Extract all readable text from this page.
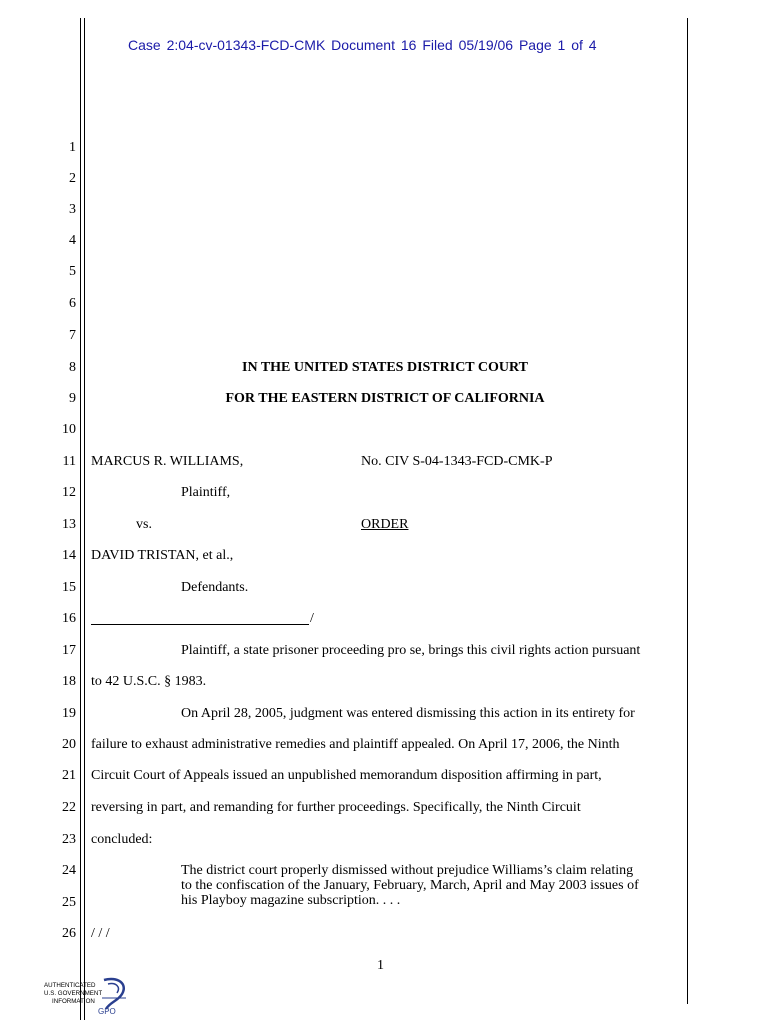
Case 2:04-cv-01343-FCD-CMK Document 16 Filed 05/19/06 Page 1 of 4
1
2
3
4
5
6
7
8
9
10
11
12
13
14
15
16
17
18
19
20
21
22
23
24
25
26
IN THE UNITED STATES DISTRICT COURT
FOR THE EASTERN DISTRICT OF CALIFORNIA
MARCUS R. WILLIAMS,	No. CIV S-04-1343-FCD-CMK-P
Plaintiff,
vs.	ORDER
DAVID TRISTAN, et al.,
Defendants.
/
Plaintiff, a state prisoner proceeding pro se, brings this civil rights action pursuant
to 42 U.S.C. § 1983.
On April 28, 2005, judgment was entered dismissing this action in its entirety for
failure to exhaust administrative remedies and plaintiff appealed. On April 17, 2006, the Ninth
Circuit Court of Appeals issued an unpublished memorandum disposition affirming in part,
reversing in part, and remanding for further proceedings. Specifically, the Ninth Circuit
concluded:
The district court properly dismissed without prejudice Williams’s claim relating to the confiscation of the January, February, March, April and May 2003 issues of his Playboy magazine subscription. . . .
/ / /
1
AUTHENTICATED
U.S. GOVERNMENT
INFORMATION
GPO
